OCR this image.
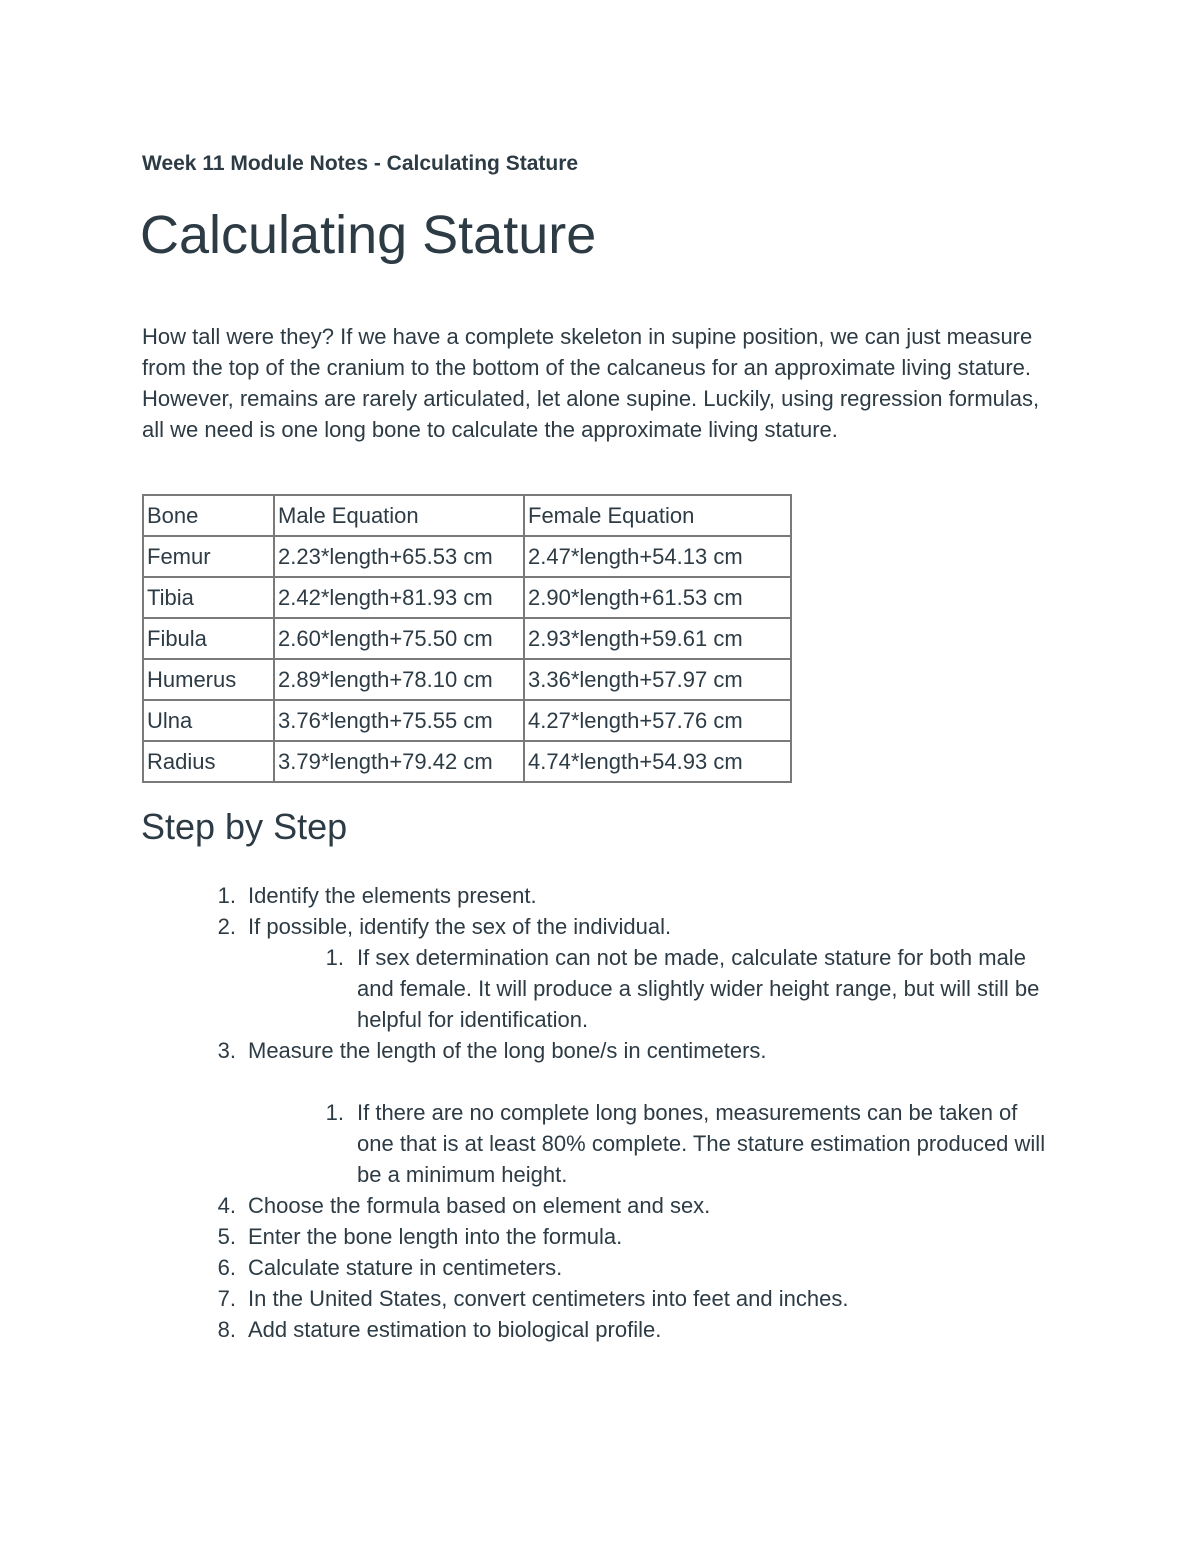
Week 11 Module Notes - Calculating Stature
Calculating Stature

How tall were they? If we have a complete skeleton in supine position, we can just measure from the top of the cranium to the bottom of the calcaneus for an approximate living stature. However, remains are rarely articulated, let alone supine. Luckily, using regression formulas, all we need is one long bone to calculate the approximate living stature.

Bone	Male Equation	Female Equation
Femur	2.23*length+65.53 cm	2.47*length+54.13 cm
Tibia	2.42*length+81.93 cm	2.90*length+61.53 cm
Fibula	2.60*length+75.50 cm	2.93*length+59.61 cm
Humerus	2.89*length+78.10 cm	3.36*length+57.97 cm
Ulna	3.76*length+75.55 cm	4.27*length+57.76 cm
Radius	3.79*length+79.42 cm	4.74*length+54.93 cm
Step by Step
1. Identify the elements present.
2. If possible, identify the sex of the individual.
1. If sex determination can not be made, calculate stature for both male and female. It will produce a slightly wider height range, but will still be helpful for identification.
3. Measure the length of the long bone/s in centimeters.
1. If there are no complete long bones, measurements can be taken of one that is at least 80% complete. The stature estimation produced will be a minimum height.
4. Choose the formula based on element and sex.
5. Enter the bone length into the formula.
6. Calculate stature in centimeters.
7. In the United States, convert centimeters into feet and inches.
8. Add stature estimation to biological profile.
